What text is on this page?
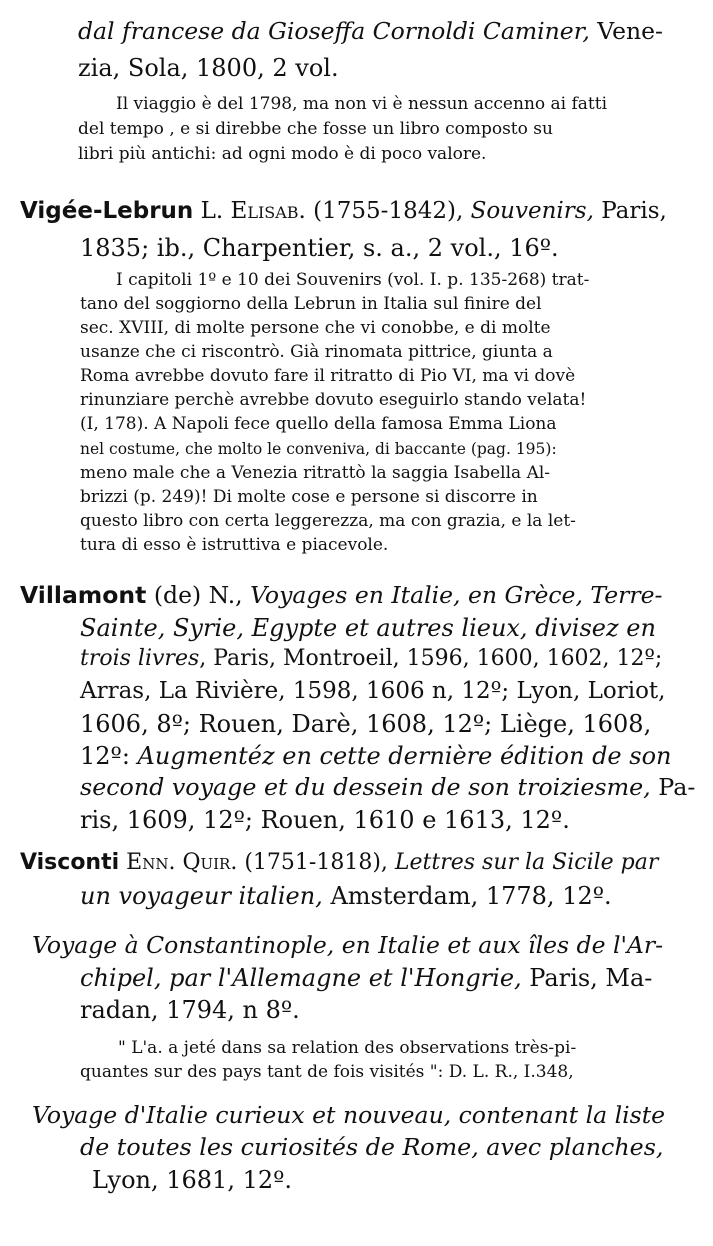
dal francese da Gioseffa Cornoldi Caminer, Vene-
zia, Sola, 1800, 2 vol.
Il viaggio è del 1798, ma non vi è nessun accenno ai fatti
del tempo , e si direbbe che fosse un libro composto su
libri più antichi: ad ogni modo è di poco valore.
Vigée-Lebrun L. Elisab. (1755-1842), Souvenirs, Paris,
1835; ib., Charpentier, s. a., 2 vol., 16º.
I capitoli 1º e 10 dei Souvenirs (vol. I. p. 135-268) trat-
tano del soggiorno della Lebrun in Italia sul finire del
sec. XVIII, di molte persone che vi conobbe, e di molte
usanze che ci riscontrò. Già rinomata pittrice, giunta a
Roma avrebbe dovuto fare il ritratto di Pio VI, ma vi dovè
rinunziare perchè avrebbe dovuto eseguirlo stando velata!
(I, 178). A Napoli fece quello della famosa Emma Liona
nel costume, che molto le conveniva, di baccante (pag. 195):
meno male che a Venezia ritrattò la saggia Isabella Al-
brizzi (p. 249)! Di molte cose e persone si discorre in
questo libro con certa leggerezza, ma con grazia, e la let-
tura di esso è istruttiva e piacevole.
Villamont (de) N., Voyages en Italie, en Grèce, Terre-
Sainte, Syrie, Egypte et autres lieux, divisez en
trois livres, Paris, Montroeil, 1596, 1600, 1602, 12º;
Arras, La Rivière, 1598, 1606 n, 12º; Lyon, Loriot,
1606, 8º; Rouen, Darè, 1608, 12º; Liège, 1608,
12º: Augmentéz en cette dernière édition de son
second voyage et du dessein de son troiziesme, Pa-
ris, 1609, 12º; Rouen, 1610 e 1613, 12º.
Visconti Enn. Quir. (1751-1818), Lettres sur la Sicile par
un voyageur italien, Amsterdam, 1778, 12º.
Voyage à Constantinople, en Italie et aux îles de l'Ar-
chipel, par l'Allemagne et l'Hongrie, Paris, Ma-
radan, 1794, n 8º.
" L'a. a jeté dans sa relation des observations très-pi-
quantes sur des pays tant de fois visités ": D. L. R., I.348,
Voyage d'Italie curieux et nouveau, contenant la liste
de toutes les curiosités de Rome, avec planches,
Lyon, 1681, 12º.
